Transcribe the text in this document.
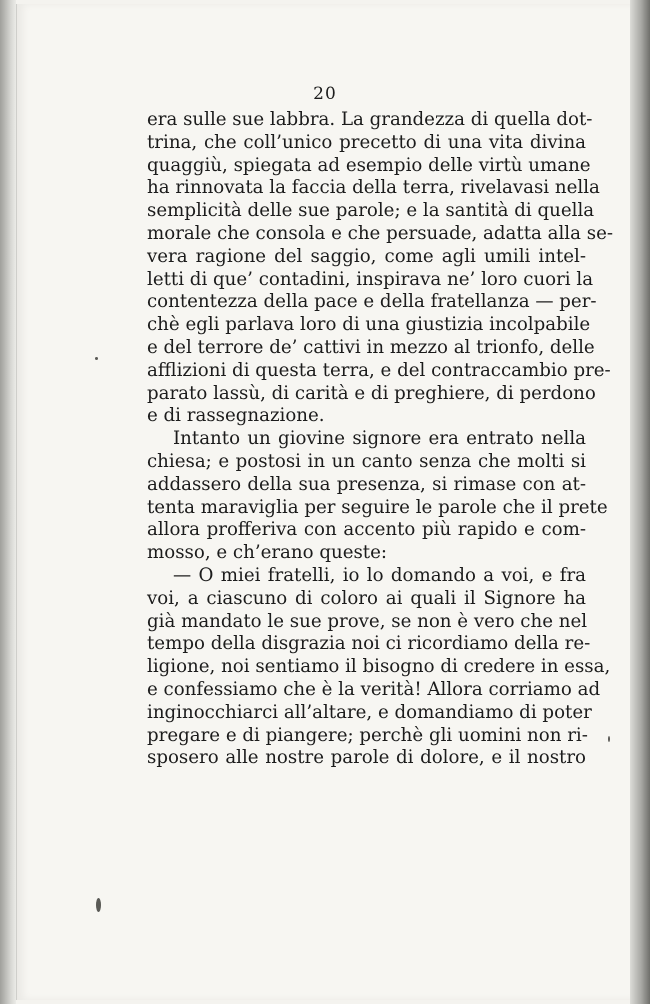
20
era sulle sue labbra. La grandezza di quella dot-
trina, che coll’unico precetto di una vita divina
quaggiù, spiegata ad esempio delle virtù umane
ha rinnovata la faccia della terra, rivelavasi nella
semplicità delle sue parole; e la santità di quella
morale che consola e che persuade, adatta alla se-
vera ragione del saggio, come agli umili intel-
letti di que’ contadini, inspirava ne’ loro cuori la
contentezza della pace e della fratellanza — per-
chè egli parlava loro di una giustizia incolpabile
e del terrore de’ cattivi in mezzo al trionfo, delle
afflizioni di questa terra, e del contraccambio pre-
parato lassù, di carità e di preghiere, di perdono
e di rassegnazione.
Intanto un giovine signore era entrato nella
chiesa; e postosi in un canto senza che molti si
addassero della sua presenza, si rimase con at-
tenta maraviglia per seguire le parole che il prete
allora profferiva con accento più rapido e com-
mosso, e ch’erano queste:
— O miei fratelli, io lo domando a voi, e fra
voi, a ciascuno di coloro ai quali il Signore ha
già mandato le sue prove, se non è vero che nel
tempo della disgrazia noi ci ricordiamo della re-
ligione, noi sentiamo il bisogno di credere in essa,
e confessiamo che è la verità! Allora corriamo ad
inginocchiarci all’altare, e domandiamo di poter
pregare e di piangere; perchè gli uomini non ri-
sposero alle nostre parole di dolore, e il nostro
